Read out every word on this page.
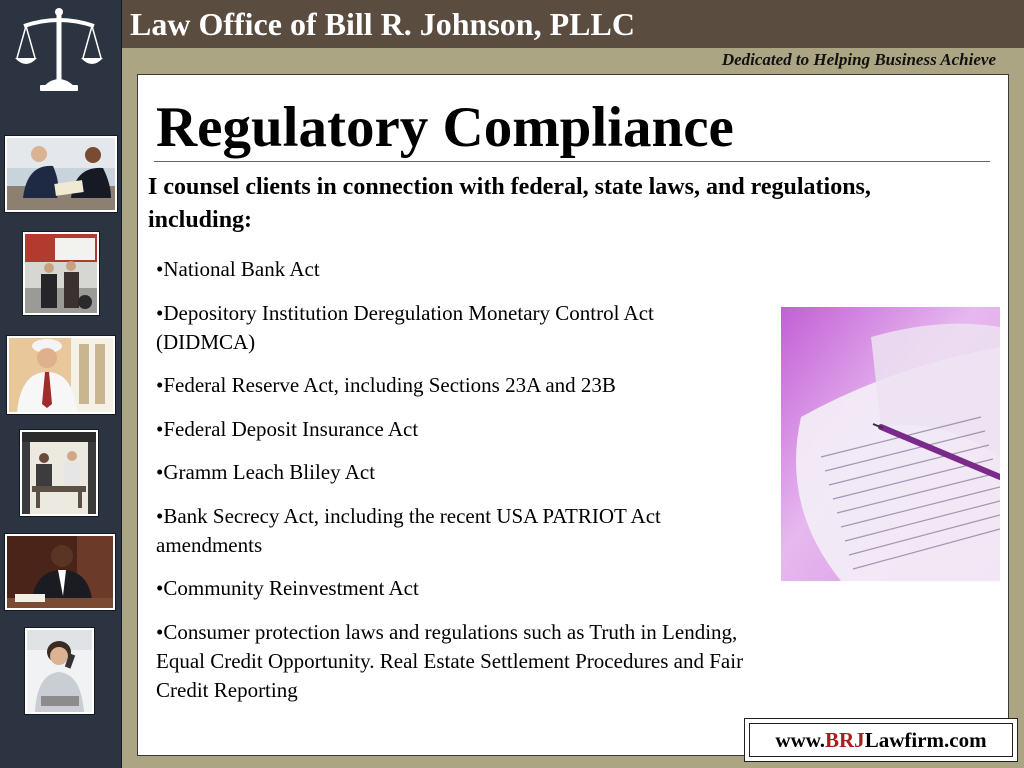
Law Office of Bill R. Johnson, PLLC
Dedicated to Helping Business Achieve
Regulatory Compliance
I counsel clients in connection with federal, state laws, and regulations, including:
•National Bank Act
•Depository Institution Deregulation Monetary Control Act (DIDMCA)
•Federal Reserve Act, including Sections 23A and 23B
•Federal Deposit Insurance Act
•Gramm Leach Bliley Act
•Bank Secrecy Act, including the recent USA PATRIOT Act amendments
•Community Reinvestment Act
•Consumer protection laws and regulations such as Truth in Lending, Equal Credit Opportunity. Real Estate Settlement Procedures and Fair Credit Reporting
www.BRJLawfirm.com
